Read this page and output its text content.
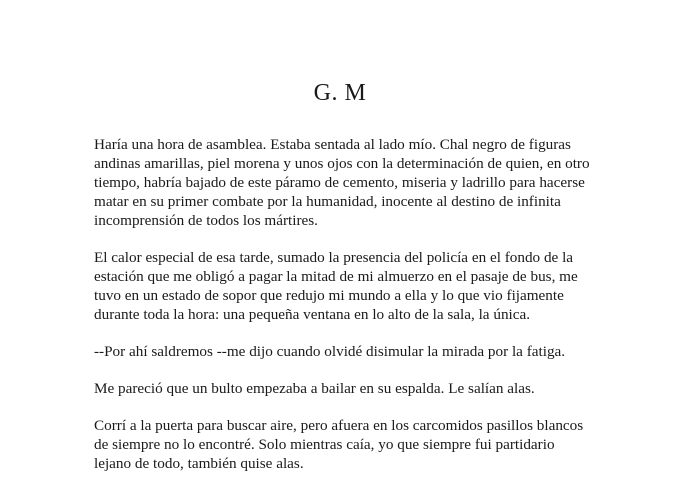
G. M

Haría una hora de asamblea. Estaba sentada al lado mío. Chal negro de figuras andinas amarillas, piel morena y unos ojos con la determinación de quien, en otro tiempo, habría bajado de este páramo de cemento, miseria y ladrillo para hacerse matar en su primer combate por la humanidad, inocente al destino de infinita incomprensión de todos los mártires.

El calor especial de esa tarde, sumado la presencia del policía en el fondo de la estación que me obligó a pagar la mitad de mi almuerzo en el pasaje de bus, me tuvo en un estado de sopor que redujo mi mundo a ella y lo que vio fijamente durante toda la hora: una pequeña ventana en lo alto de la sala, la única.

--Por ahí saldremos --me dijo cuando olvidé disimular la mirada por la fatiga.

Me pareció que un bulto empezaba a bailar en su espalda. Le salían alas.

Corrí a la puerta para buscar aire, pero afuera en los carcomidos pasillos blancos de siempre no lo encontré. Solo mientras caía, yo que siempre fui partidario lejano de todo, también quise alas.
